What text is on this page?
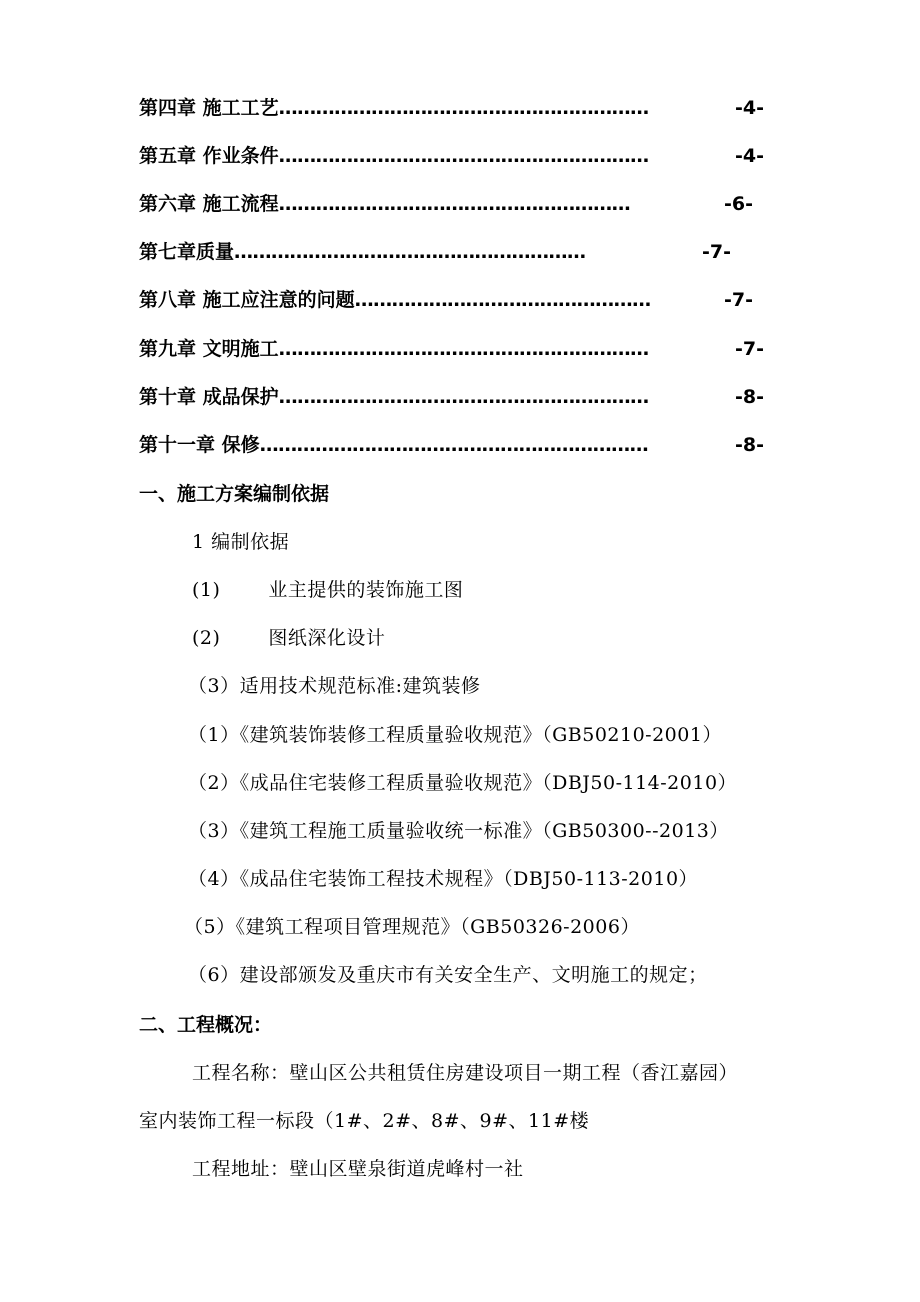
第四章 施工工艺……………………………………………………	-4-
第五章 作业条件……………………………………………………	-4-
第六章 施工流程…………………………………………………	-6-
第七章质量…………………………………………………	-7-
第八章 施工应注意的问题…………………………………………	-7-
第九章 文明施工……………………………………………………	-7-
第十章 成品保护……………………………………………………	-8-
第十一章 保修………………………………………………………	-8-
一、施工方案编制依据
1 编制依据
(1)	业主提供的装饰施工图
(2)	图纸深化设计
（3）适用技术规范标准:建筑装修
（1）《建筑装饰装修工程质量验收规范》（GB50210-2001）
（2）《成品住宅装修工程质量验收规范》（DBJ50-114-2010）
（3）《建筑工程施工质量验收统一标准》（GB50300--2013）
（4）《成品住宅装饰工程技术规程》（DBJ50-113-2010）
（5）《建筑工程项目管理规范》（GB50326-2006）
（6）建设部颁发及重庆市有关安全生产、文明施工的规定；
二、工程概况：
工程名称：壁山区公共租赁住房建设项目一期工程（香江嘉园）
室内装饰工程一标段（1#、2#、8#、9#、11#楼
工程地址：壁山区壁泉街道虎峰村一社
